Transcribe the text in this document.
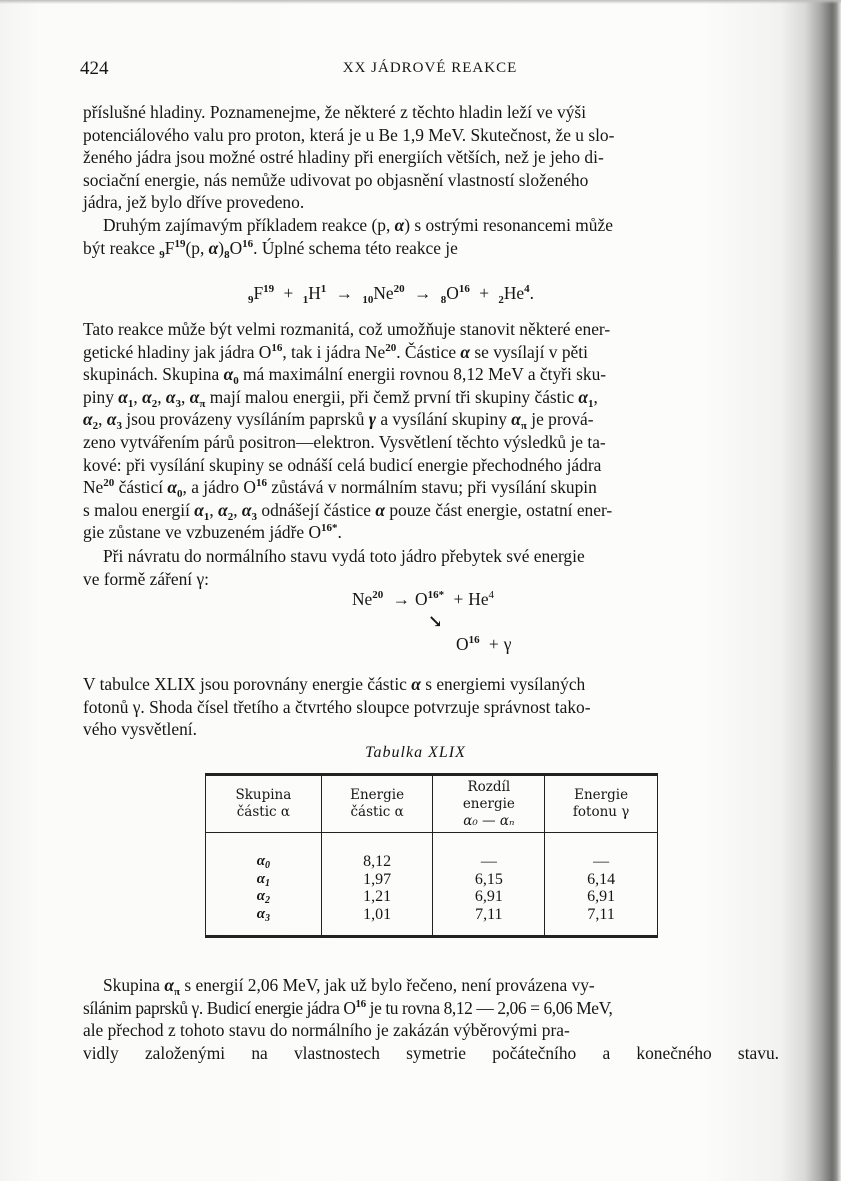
424	XX JÁDROVÉ REAKCE

příslušné hladiny. Poznamenejme, že některé z těchto hladin leží ve výši

potenciálového valu pro proton, která je u Be 1,9 MeV. Skutečnost, že u slo-

ženého jádra jsou možné ostré hladiny při energiích větších, než je jeho di-

sociační energie, nás nemůže udivovat po objasnění vlastností složeného

jádra, jež bylo dříve provedeno.

Druhým zajímavým příkladem reakce (p, α) s ostrými resonancemi může

být reakce $_9F^{19}(p$, $\alpha)_8O^{16}$. Úplné schema této reakce je

$_9F^{19} + _1H^1 \to _{10}Ne^{20} \to _8O^{16} + _2He^4$.

Tato reakce může být velmi rozmanitá, což umožňuje stanovit některé ener-

getické hladiny jak jádra $O^{16}$, tak i jádra Ne$^{20}$. Částice α se vysílají v pěti

skupinách. Skupina $\alpha_0$ má maximální energii rovnou 8,12 MeV a čtyři sku-

piny $\alpha_1$, $\alpha_2$, $\alpha_3$, $\alpha_\pi$ mají malou energii, při čemž první tři skupiny částic $\alpha_1$,

$\alpha_2$, $\alpha_3$ jsou provázeny vysíláním paprsků γ a vysílání skupiny $\alpha_\pi$ je prová-

zeno vytvářením párů positron—elektron. Vysvětlení těchto výsledků je ta-

kové: při vysílání skupiny se odnáší celá budicí energie přechodného jádra

Ne$^{20}$ částicí $\alpha_0$, a jádro $O^{16}$ zůstává v normálním stavu; při vysílání skupin

s malou energií $\alpha_1$, $\alpha_2$, $\alpha_3$ odnášejí částice α pouze část energie, ostatní ener-

gie zůstane ve vzbuzeném jádře $O^{16*}$.

Při návratu do normálního stavu vydá toto jádro přebytek své energie

ve formě záření γ:

$Ne^{20} \to O^{16*} + He^4$
↘
$O^{16} + \gamma$

V tabulce XLIX jsou porovnány energie částic α s energiemi vysílaných

fotonů γ. Shoda čísel třetího a čtvrtého sloupce potvrzuje správnost tako-

vého vysvětlení.

Tabulka XLIX
Skupina
částic α	Energie
částic α	Rozdíl
energie
α₀ — αₙ	Energie
fotonu γ

$\alpha_0$
$\alpha_1$
$\alpha_2$
$\alpha_3$	8,12
1,97
1,21
1,01	—
6,15
6,91
7,11	—
6,14
6,91
7,11

Skupina $\alpha_\pi$ s energií 2,06 MeV, jak už bylo řečeno, není provázena vy-

sílánim paprsků γ. Budicí energie jádra $O^{16}$ je tu rovna 8,12 — 2,06 = 6,06 MeV,

ale přechod z tohoto stavu do normálního je zakázán výběrovými pra-

vidly založenými na vlastnostech symetrie počátečního a konečného stavu.
